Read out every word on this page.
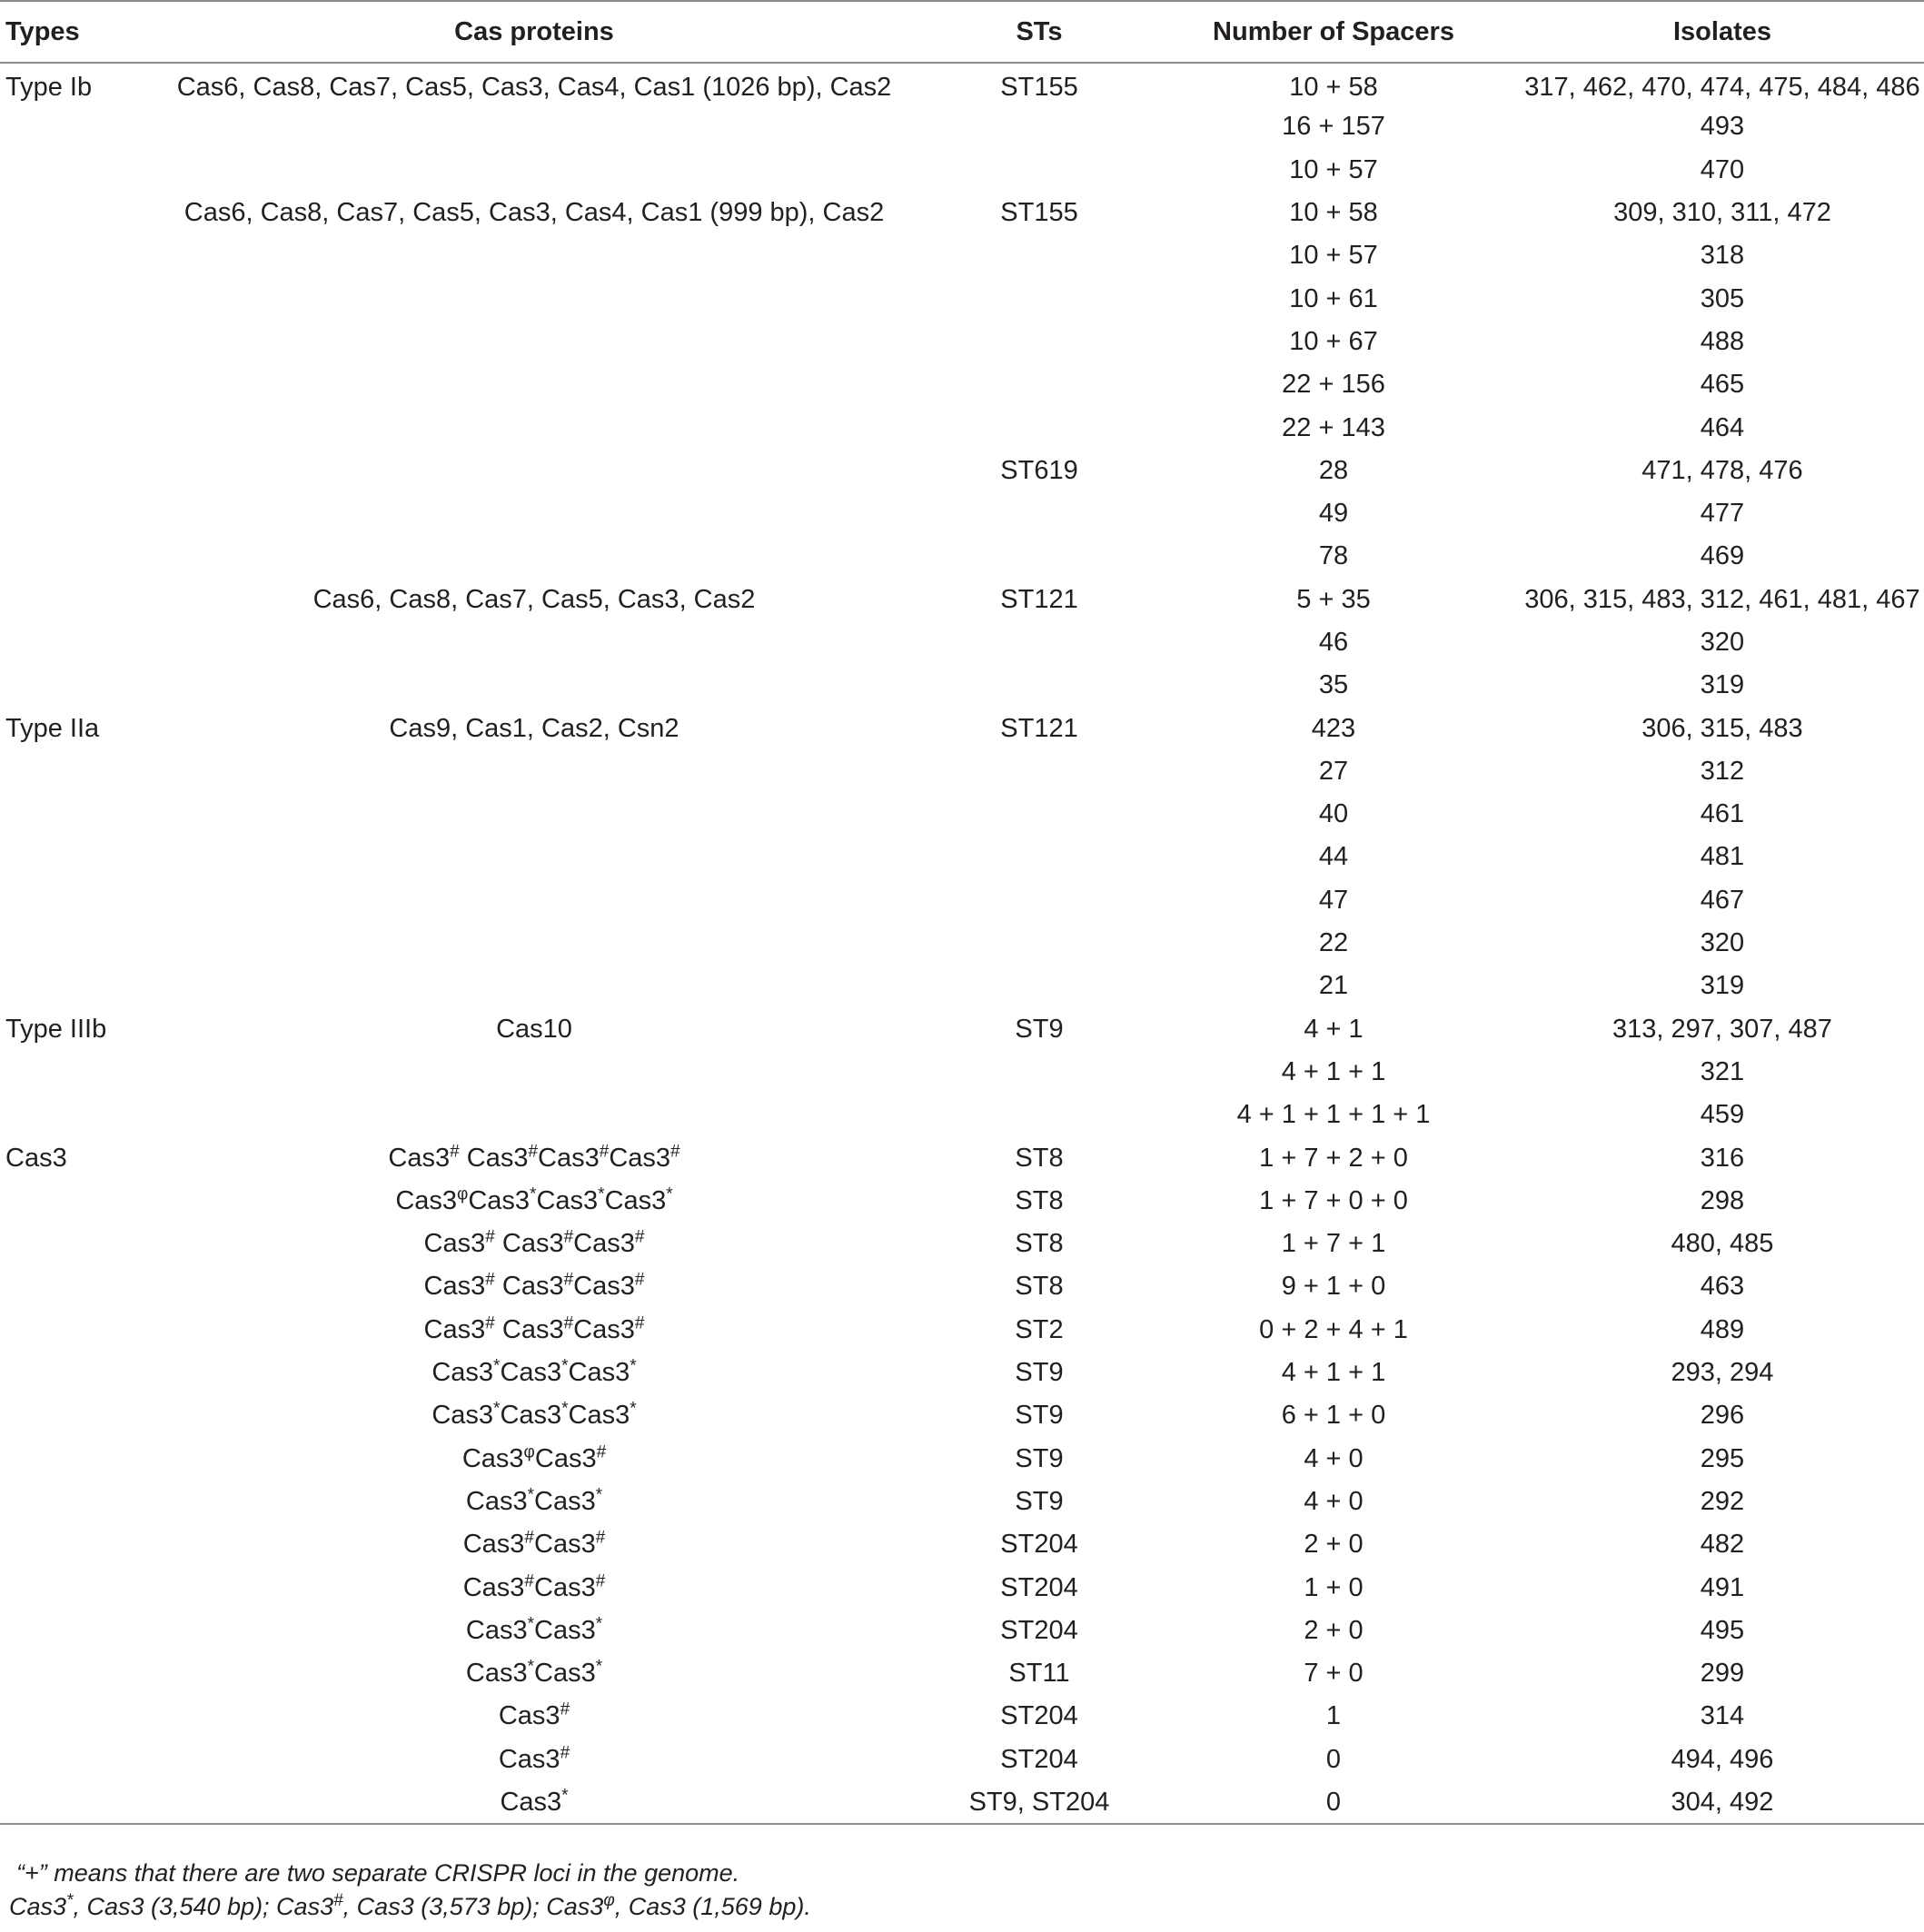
Types	Cas proteins	STs	Number of Spacers	Isolates
Type Ib	Cas6, Cas8, Cas7, Cas5, Cas3, Cas4, Cas1 (1026 bp), Cas2	ST155	10 + 58	317, 462, 470, 474, 475, 484, 486
			16 + 157	493
			10 + 57	470
	Cas6, Cas8, Cas7, Cas5, Cas3, Cas4, Cas1 (999 bp), Cas2	ST155	10 + 58	309, 310, 311, 472
			10 + 57	318
			10 + 61	305
			10 + 67	488
			22 + 156	465
			22 + 143	464
		ST619	28	471, 478, 476
			49	477
			78	469
	Cas6, Cas8, Cas7, Cas5, Cas3, Cas2	ST121	5 + 35	306, 315, 483, 312, 461, 481, 467
			46	320
			35	319
Type IIa	Cas9, Cas1, Cas2, Csn2	ST121	423	306, 315, 483
			27	312
			40	461
			44	481
			47	467
			22	320
			21	319
Type IIIb	Cas10	ST9	4 + 1	313, 297, 307, 487
			4 + 1 + 1	321
			4 + 1 + 1 + 1 + 1	459
Cas3	Cas3# Cas3#Cas3#Cas3#	ST8	1 + 7 + 2 + 0	316
	$Cas3^\varphi Cas3^*Cas3^*Cas3^*$	ST8	1 + 7 + 0 + 0	298
	Cas3# Cas3#Cas3#	ST8	1 + 7 + 1	480, 485
	Cas3# Cas3#Cas3#	ST8	9 + 1 + 0	463
	Cas3# Cas3#Cas3#	ST2	0 + 2 + 4 + 1	489
	Cas3*Cas3*Cas3*	ST9	4 + 1 + 1	293, 294
	Cas3*Cas3*Cas3*	ST9	6 + 1 + 0	296
	$Cas3^\varphi Cas3^{\#}$	ST9	4 + 0	295
	Cas3*Cas3*	ST9	4 + 0	292
	Cas3#Cas3#	ST204	2 + 0	482
	Cas3#Cas3#	ST204	1 + 0	491
	Cas3*Cas3*	ST204	2 + 0	495
	Cas3*Cas3*	ST11	7 + 0	299
	Cas3#	ST204	1	314
	Cas3#	ST204	0	494, 496
	Cas3*	ST9, ST204	0	304, 492
“+” means that there are two separate CRISPR loci in the genome.
Cas3*, Cas3 (3,540 bp); Cas3#, Cas3 (3,573 bp); $Cas3^\varphi$, Cas3 (1,569 bp).
